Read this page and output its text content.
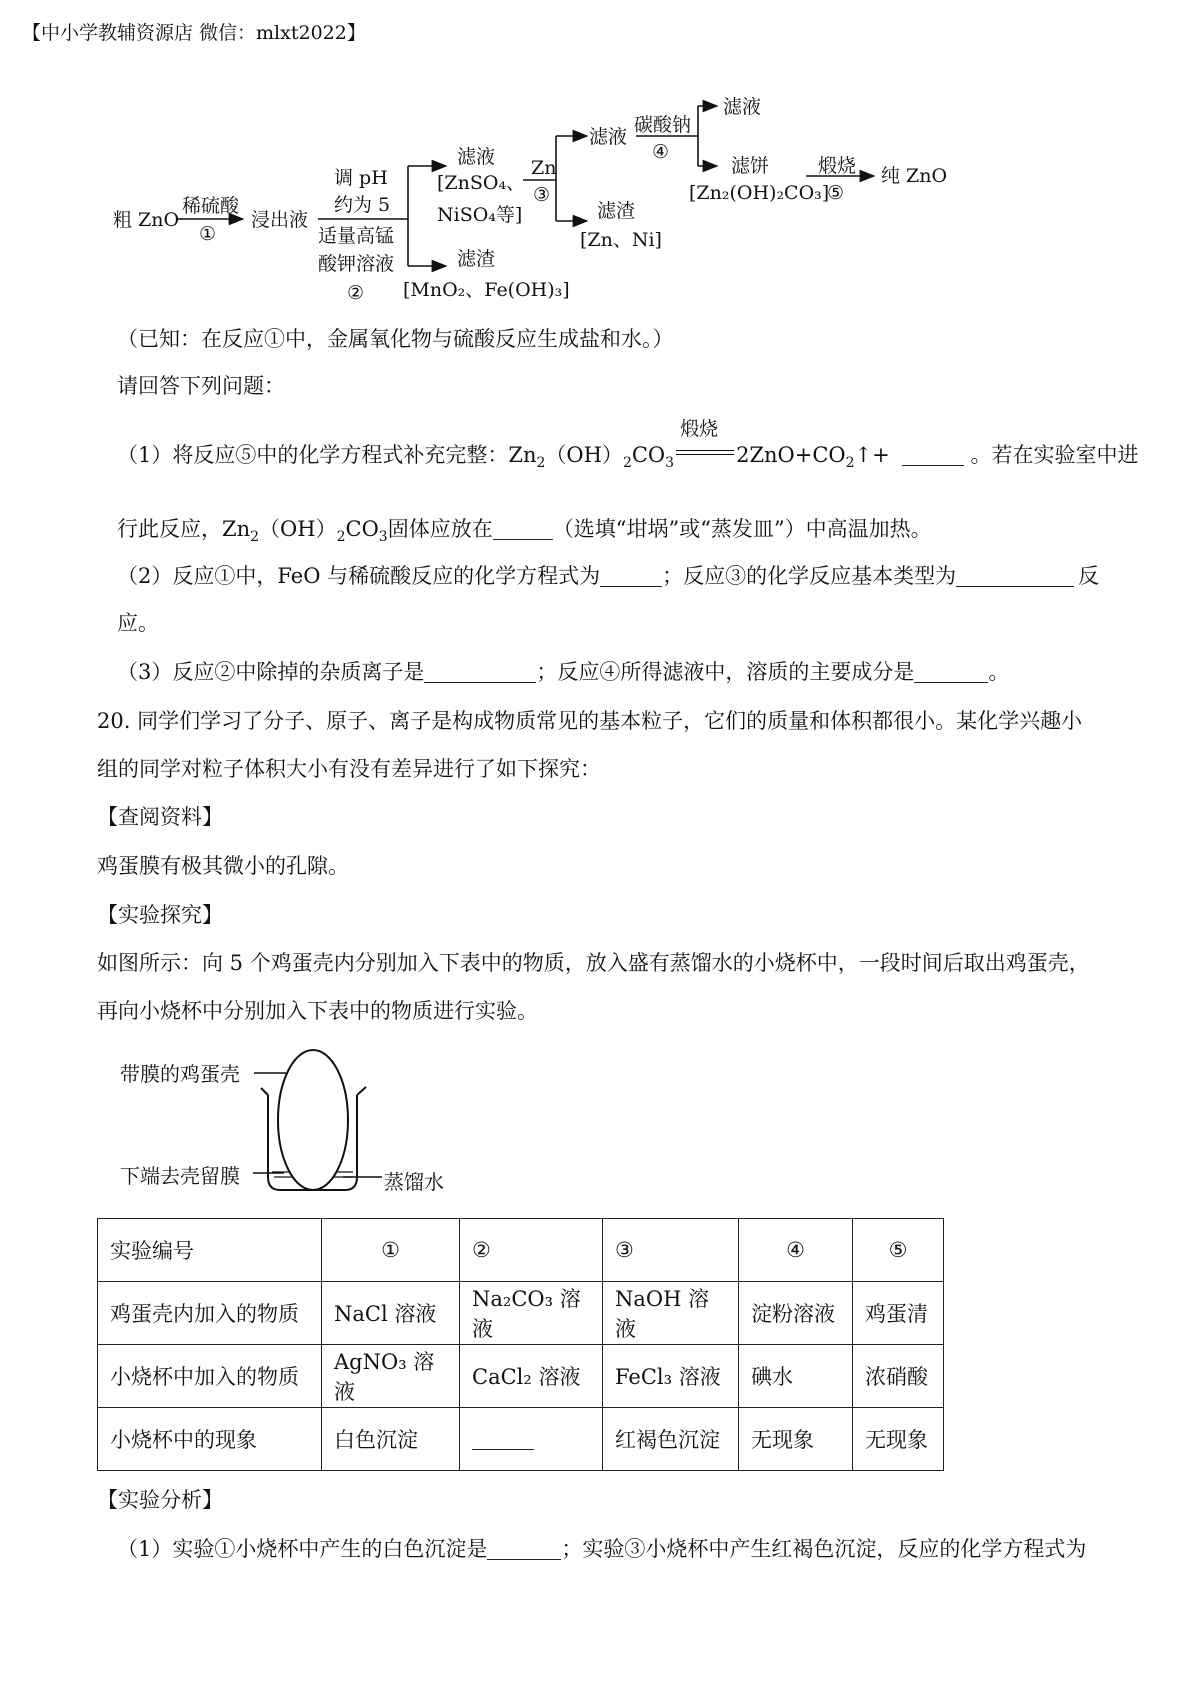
【中小学教辅资源店 微信：mlxt2022】
粗 ZnO
稀硫酸
①
浸出液
调 pH
约为 5
适量高锰
酸钾溶液
②
滤液
[ZnSO₄、
NiSO₄等]
滤渣
[MnO₂、Fe(OH)₃]
Zn
③
滤液
滤渣
[Zn、Ni]
碳酸钠
④
滤液
滤饼
[Zn₂(OH)₂CO₃]
煅烧
⑤
纯 ZnO
（已知：在反应①中，金属氧化物与硫酸反应生成盐和水。）
请回答下列问题：
（1）将反应⑤中的化学方程式补充完整：$Zn_2(OH)_2CO_3$
煅烧
$2ZnO+CO_2↑+$	。若在实验室中进
行此反应，$Zn_2(OH)_2CO_3$固体应放在	（选填“坩埚”或“蒸发皿”）中高温加热。
（2）反应①中，FeO 与稀硫酸反应的化学方程式为	；反应③的化学反应基本类型为	反
应。
（3）反应②中除掉的杂质离子是	；反应④所得滤液中，溶质的主要成分是	。
20. 同学们学习了分子、原子、离子是构成物质常见的基本粒子，它们的质量和体积都很小。某化学兴趣小
组的同学对粒子体积大小有没有差异进行了如下探究：
【查阅资料】
鸡蛋膜有极其微小的孔隙。
【实验探究】
如图所示：向 5 个鸡蛋壳内分别加入下表中的物质，放入盛有蒸馏水的小烧杯中，一段时间后取出鸡蛋壳，
再向小烧杯中分别加入下表中的物质进行实验。
带膜的鸡蛋壳
下端去壳留膜	蒸馏水
实验编号	①	②	③	④	⑤
鸡蛋壳内加入的物质	NaCl 溶液	Na₂CO₃ 溶液	NaOH 溶液	淀粉溶液	鸡蛋清
小烧杯中加入的物质	AgNO₃ 溶液	CaCl₂ 溶液	FeCl₃ 溶液	碘水	浓硝酸
小烧杯中的现象	白色沉淀		红褐色沉淀	无现象	无现象
【实验分析】
（1）实验①小烧杯中产生的白色沉淀是	；实验③小烧杯中产生红褐色沉淀，反应的化学方程式为
